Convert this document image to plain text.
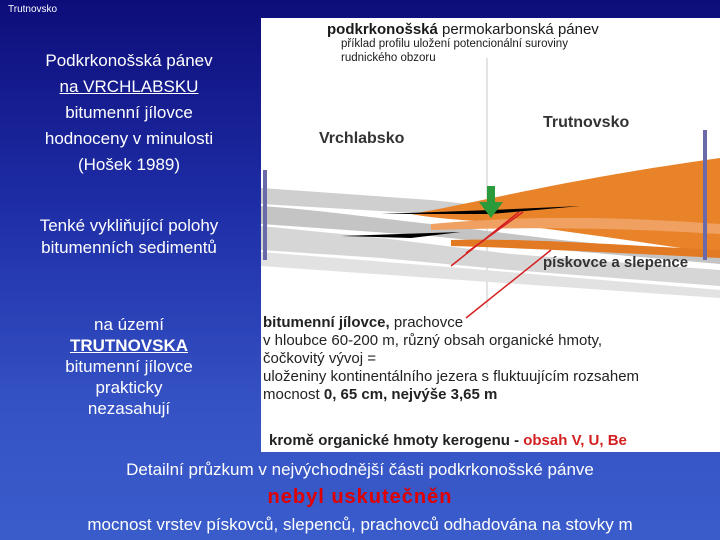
Trutnovsko
Podkrkonošská pánev
na VRCHLABSKU
bitumenní jílovce
hodnoceny v minulosti
(Hošek 1989)
Tenké vykliňující polohy
bitumenních sedimentů
na území
TRUTNOVSKA
bitumenní jílovce
prakticky
nezasahují
podkrkonošská permokarbonská pánev
příklad profilu uložení potencionální suroviny
rudnického obzoru
Vrchlabsko
Trutnovsko
pískovce a slepence
bitumenní jílovce, prachovce
v hloubce 60-200 m, různý obsah organické hmoty,
čočkovitý vývoj =
uloženiny kontinentálního jezera s fluktuujícím rozsahem
mocnost 0, 65 cm, nejvýše 3,65 m
kromě organické hmoty kerogenu - obsah V, U, Be
Detailní průzkum v nejvýchodnější části podkrkonošské pánve
nebyl uskutečněn
mocnost vrstev pískovců, slepenců, prachovců odhadována na stovky m
